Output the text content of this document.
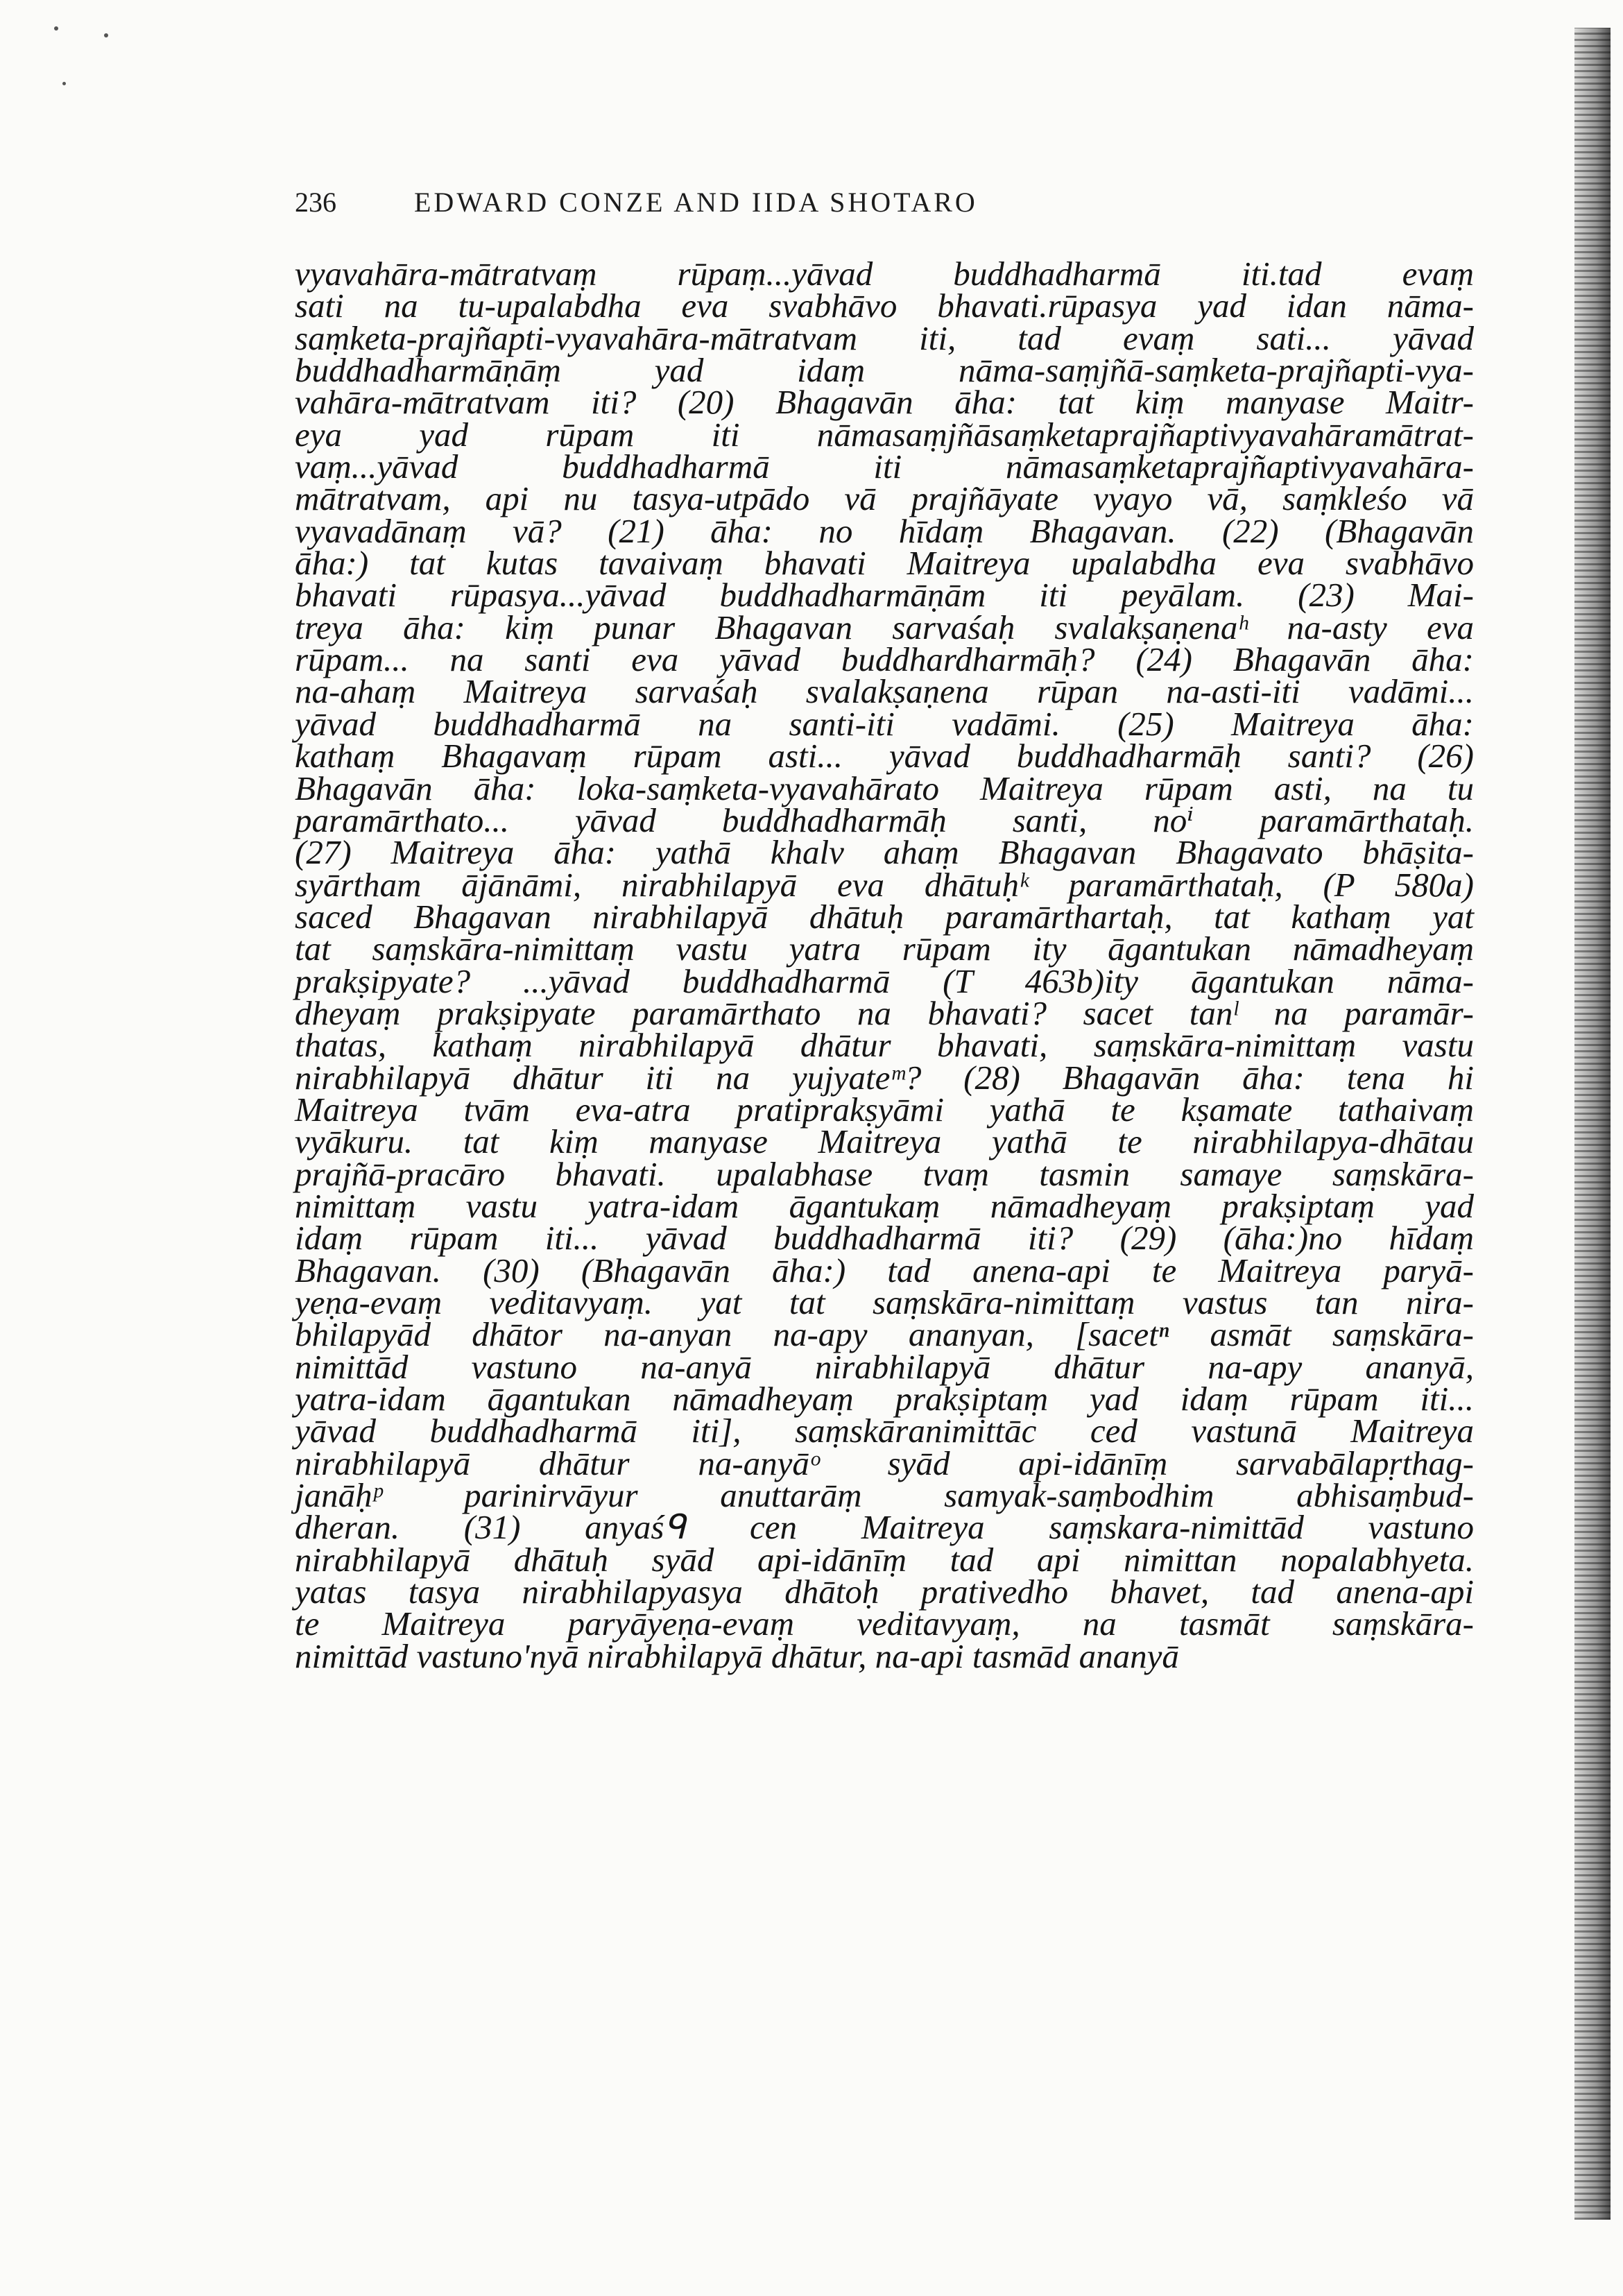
236	EDWARD CONZE AND IIDA SHOTARO
vyavahāra-mātratvaṃ rūpaṃ...yāvad buddhadharmā iti.tad evaṃ
sati na tu-upalabdha eva svabhāvo bhavati.rūpasya yad idan nāma-
saṃketa-prajñapti-vyavahāra-mātratvam iti, tad evaṃ sati... yāvad
buddhadharmāṇāṃ yad idaṃ nāma-saṃjñā-saṃketa-prajñapti-vya-
vahāra-mātratvam iti? (20) Bhagavān āha: tat kiṃ manyase Maitr-
eya yad rūpam iti nāmasaṃjñāsaṃketaprajñaptivyavahāramātrat-
vaṃ...yāvad buddhadharmā iti nāmasaṃketaprajñaptivyavahāra-
mātratvam, api nu tasya-utpādo vā prajñāyate vyayo vā, saṃkleśo vā
vyavadānaṃ vā? (21) āha: no hīdaṃ Bhagavan. (22) (Bhagavān
āha:) tat kutas tavaivaṃ bhavati Maitreya upalabdha eva svabhāvo
bhavati rūpasya...yāvad buddhadharmāṇām iti peyālam. (23) Mai-
treya āha: kiṃ punar Bhagavan sarvaśaḥ svalakṣaṇenaʰ na-asty eva
rūpam... na santi eva yāvad buddhardharmāḥ? (24) Bhagavān āha:
na-ahaṃ Maitreya sarvaśaḥ svalakṣaṇena rūpan na-asti-iti vadāmi...
yāvad buddhadharmā na santi-iti vadāmi. (25) Maitreya āha:
kathaṃ Bhagavaṃ rūpam asti... yāvad buddhadharmāḥ santi? (26)
Bhagavān āha: loka-saṃketa-vyavahārato Maitreya rūpam asti, na tu
paramārthato... yāvad buddhadharmāḥ santi, noⁱ paramārthataḥ.
(27) Maitreya āha: yathā khalv ahaṃ Bhagavan Bhagavato bhāṣita-
syārtham ājānāmi, nirabhilapyā eva dhātuḥᵏ paramārthataḥ, (P 580a)
saced Bhagavan nirabhilapyā dhātuḥ paramārthartaḥ, tat kathaṃ yat
tat saṃskāra-nimittaṃ vastu yatra rūpam ity āgantukan nāmadheyaṃ
prakṣipyate? ...yāvad buddhadharmā (T 463b)ity āgantukan nāma-
dheyaṃ prakṣipyate paramārthato na bhavati? sacet tanˡ na paramār-
thatas, kathaṃ nirabhilapyā dhātur bhavati, saṃskāra-nimittaṃ vastu
nirabhilapyā dhātur iti na yujyateᵐ? (28) Bhagavān āha: tena hi
Maitreya tvām eva-atra pratiprakṣyāmi yathā te kṣamate tathaivaṃ
vyākuru. tat kiṃ manyase Maitreya yathā te nirabhilapya-dhātau
prajñā-pracāro bhavati. upalabhase tvaṃ tasmin samaye saṃskāra-
nimittaṃ vastu yatra-idam āgantukaṃ nāmadheyaṃ prakṣiptaṃ yad
idaṃ rūpam iti... yāvad buddhadharmā iti? (29) (āha:)no hīdaṃ
Bhagavan. (30) (Bhagavān āha:) tad anena-api te Maitreya paryā-
yeṇa-evaṃ veditavyaṃ. yat tat saṃskāra-nimittaṃ vastus tan nira-
bhilapyād dhātor na-anyan na-apy ananyan, [sacetⁿ asmāt saṃskāra-
nimittād vastuno na-anyā nirabhilapyā dhātur na-apy ananyā,
yatra-idam āgantukan nāmadheyaṃ prakṣiptaṃ yad idaṃ rūpam iti...
yāvad buddhadharmā iti], saṃskāranimittāc ced vastunā Maitreya
nirabhilapyā dhātur na-anyāᵒ syād api-idānīṃ sarvabālapṛthag-
janāḥᵖ parinirvāyur anuttarāṃ samyak-saṃbodhim abhisaṃbud-
dheran. (31) anyaśᑫ cen Maitreya saṃskara-nimittād vastuno
nirabhilapyā dhātuḥ syād api-idānīṃ tad api nimittan nopalabhyeta.
yatas tasya nirabhilapyasya dhātoḥ prativedho bhavet, tad anena-api
te Maitreya paryāyeṇa-evaṃ veditavyaṃ, na tasmāt saṃskāra-
nimittād vastuno'nyā nirabhilapyā dhātur, na-api tasmād ananyā
